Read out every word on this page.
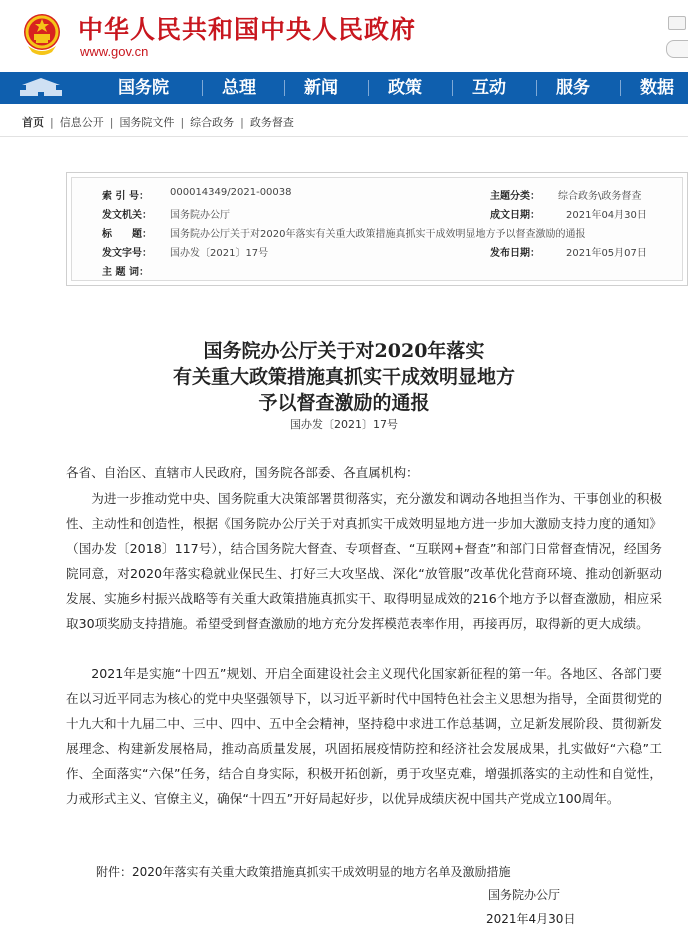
中华人民共和国中央人民政府
www.gov.cn
国务院	总理	新闻	政策	互动	服务	数据
首页 | 信息公开 | 国务院文件 | 综合政务 | 政务督查
索 引 号： 000014349/2021-00038	主题分类： 综合政务\政务督查
发文机关： 国务院办公厅	成文日期：	2021年04月30日
标　　题： 国务院办公厅关于对2020年落实有关重大政策措施真抓实干成效明显地方予以督查激励的通报
发文字号： 国办发〔2021〕17号	发布日期：	2021年05月07日
主 题 词：
国务院办公厅关于对2020年落实
有关重大政策措施真抓实干成效明显地方
予以督查激励的通报
国办发〔2021〕17号
各省、自治区、直辖市人民政府，国务院各部委、各直属机构：
为进一步推动党中央、国务院重大决策部署贯彻落实，充分激发和调动各地担当作为、干事创业的积极性、主动性和创造性，根据《国务院办公厅关于对真抓实干成效明显地方进一步加大激励支持力度的通知》（国办发〔2018〕117号），结合国务院大督查、专项督查、“互联网+督查”和部门日常督查情况，经国务院同意，对2020年落实稳就业保民生、打好三大攻坚战、深化“放管服”改革优化营商环境、推动创新驱动发展、实施乡村振兴战略等有关重大政策措施真抓实干、取得明显成效的216个地方予以督查激励，相应采取30项奖励支持措施。希望受到督查激励的地方充分发挥模范表率作用，再接再厉，取得新的更大成绩。
2021年是实施“十四五”规划、开启全面建设社会主义现代化国家新征程的第一年。各地区、各部门要在以习近平同志为核心的党中央坚强领导下，以习近平新时代中国特色社会主义思想为指导，全面贯彻党的十九大和十九届二中、三中、四中、五中全会精神，坚持稳中求进工作总基调，立足新发展阶段、贯彻新发展理念、构建新发展格局，推动高质量发展，巩固拓展疫情防控和经济社会发展成果，扎实做好“六稳”工作、全面落实“六保”任务，结合自身实际，积极开拓创新，勇于攻坚克难，增强抓落实的主动性和自觉性，力戒形式主义、官僚主义，确保“十四五”开好局起好步，以优异成绩庆祝中国共产党成立100周年。
附件：2020年落实有关重大政策措施真抓实干成效明显的地方名单及激励措施
国务院办公厅
2021年4月30日
